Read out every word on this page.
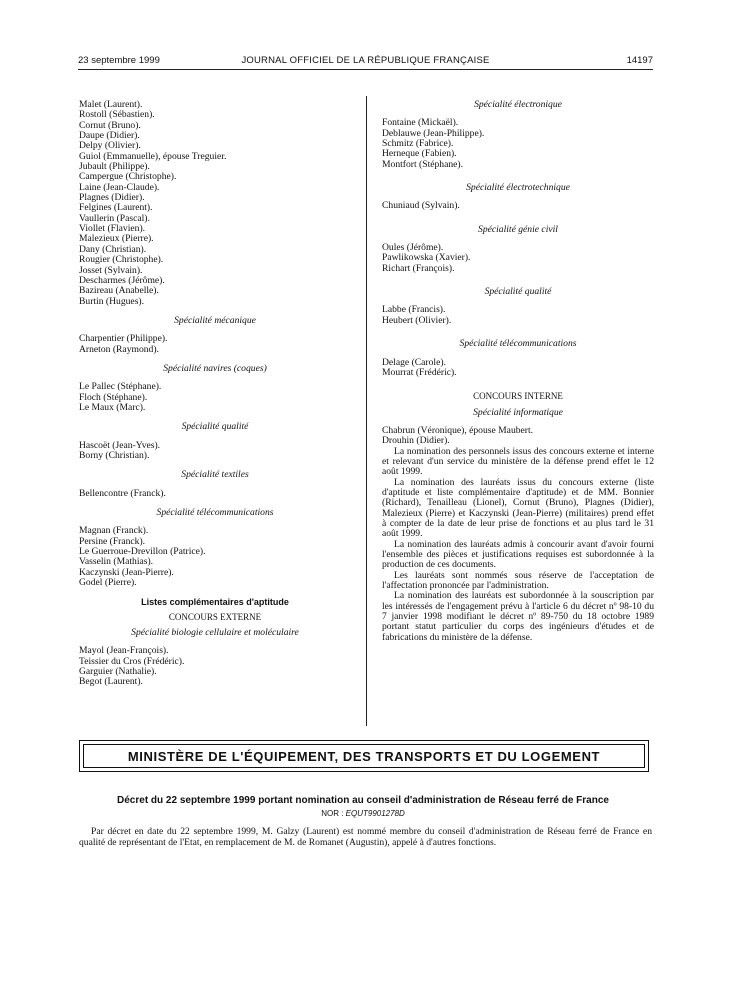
23 septembre 1999	JOURNAL OFFICIEL DE LA RÉPUBLIQUE FRANÇAISE	14197

Malet (Laurent).

Rostoll (Sébastien).

Cornut (Bruno).

Daupe (Didier).

Delpy (Olivier).

Guiol (Emmanuelle), épouse Treguier.

Jubault (Philippe).

Campergue (Christophe).

Laine (Jean-Claude).

Plagnes (Didier).

Felgines (Laurent).

Vaullerin (Pascal).

Viollet (Flavien).

Malezieux (Pierre).

Dany (Christian).

Rougier (Christophe).

Josset (Sylvain).

Descharmes (Jérôme).

Bazireau (Anabelle).

Burtin (Hugues).

Spécialité mécanique

Charpentier (Philippe).

Arneton (Raymond).

Spécialité navires (coques)

Le Pallec (Stéphane).

Floch (Stéphane).

Le Maux (Marc).

Spécialité qualité

Hascoët (Jean-Yves).

Borny (Christian).

Spécialité textiles

Bellencontre (Franck).

Spécialité télécommunications

Magnan (Franck).

Persine (Franck).

Le Guerroue-Drevillon (Patrice).

Vasselin (Mathias).

Kaczynski (Jean-Pierre).

Godel (Pierre).

Listes complémentaires d'aptitude

CONCOURS EXTERNE

Spécialité biologie cellulaire et moléculaire

Mayol (Jean-François).

Teissier du Cros (Frédéric).

Garguier (Nathalie).

Begot (Laurent).

Spécialité électronique

Fontaine (Mickaël).

Deblauwe (Jean-Philippe).

Schmitz (Fabrice).

Herneque (Fabien).

Montfort (Stéphane).

Spécialité électrotechnique

Chuniaud (Sylvain).

Spécialité génie civil

Oules (Jérôme).

Pawlikowska (Xavier).

Richart (François).

Spécialité qualité

Labbe (Francis).

Heubert (Olivier).

Spécialité télécommunications

Delage (Carole).

Mourrat (Frédéric).

CONCOURS INTERNE

Spécialité informatique

Chabrun (Véronique), épouse Maubert.

Drouhin (Didier).

La nomination des personnels issus des concours externe et interne et relevant d'un service du ministère de la défense prend effet le 12 août 1999.

La nomination des lauréats issus du concours externe (liste d'aptitude et liste complémentaire d'aptitude) et de MM. Bonnier (Richard), Tenailleau (Lionel), Cornut (Bruno), Plagnes (Didier), Malezieux (Pierre) et Kaczynski (Jean-Pierre) (militaires) prend effet à compter de la date de leur prise de fonctions et au plus tard le 31 août 1999.

La nomination des lauréats admis à concourir avant d'avoir fourni l'ensemble des pièces et justifications requises est subordonnée à la production de ces documents.

Les lauréats sont nommés sous réserve de l'acceptation de l'affectation prononcée par l'administration.

La nomination des lauréats est subordonnée à la souscription par les intéressés de l'engagement prévu à l'article 6 du décret nº 98-10 du 7 janvier 1998 modifiant le décret nº 89-750 du 18 octobre 1989 portant statut particulier du corps des ingénieurs d'études et de fabrications du ministère de la défense.

MINISTÈRE DE L'ÉQUIPEMENT, DES TRANSPORTS ET DU LOGEMENT
Décret du 22 septembre 1999 portant nomination au conseil d'administration de Réseau ferré de France
NOR : EQUT9901278D

Par décret en date du 22 septembre 1999, M. Galzy (Laurent) est nommé membre du conseil d'administration de Réseau ferré de France en qualité de représentant de l'Etat, en remplacement de M. de Romanet (Augustin), appelé à d'autres fonctions.
